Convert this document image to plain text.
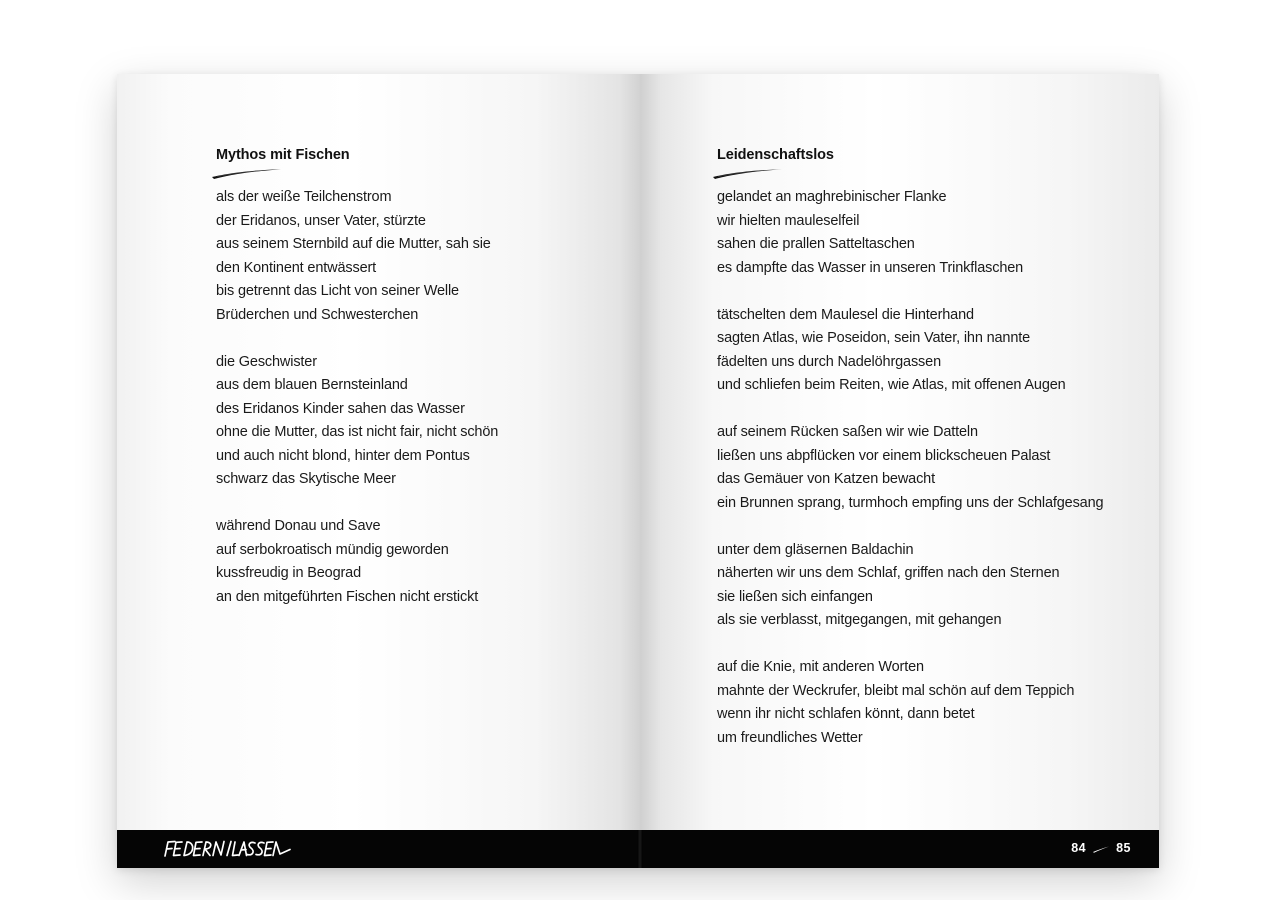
Mythos mit Fischen
als der weiße Teilchenstrom
der Eridanos, unser Vater, stürzte
aus seinem Sternbild auf die Mutter, sah sie
den Kontinent entwässert
bis getrennt das Licht von seiner Welle
Brüderchen und Schwesterchen
die Geschwister
aus dem blauen Bernsteinland
des Eridanos Kinder sahen das Wasser
ohne die Mutter, das ist nicht fair, nicht schön
und auch nicht blond, hinter dem Pontus
schwarz das Skytische Meer
während Donau und Save
auf serbokroatisch mündig geworden
kussfreudig in Beograd
an den mitgeführten Fischen nicht erstickt
Leidenschaftslos
gelandet an maghrebinischer Flanke
wir hielten mauleselfeil
sahen die prallen Satteltaschen
es dampfte das Wasser in unseren Trinkflaschen
tätschelten dem Maulesel die Hinterhand
sagten Atlas, wie Poseidon, sein Vater, ihn nannte
fädelten uns durch Nadelöhrgassen
und schliefen beim Reiten, wie Atlas, mit offenen Augen
auf seinem Rücken saßen wir wie Datteln
ließen uns abpflücken vor einem blickscheuen Palast
das Gemäuer von Katzen bewacht
ein Brunnen sprang, turmhoch empfing uns der Schlafgesang
unter dem gläsernen Baldachin
näherten wir uns dem Schlaf, griffen nach den Sternen
sie ließen sich einfangen
als sie verblasst, mitgegangen, mit gehangen
auf die Knie, mit anderen Worten
mahnte der Weckrufer, bleibt mal schön auf dem Teppich
wenn ihr nicht schlafen könnt, dann betet
um freundliches Wetter
84 85
